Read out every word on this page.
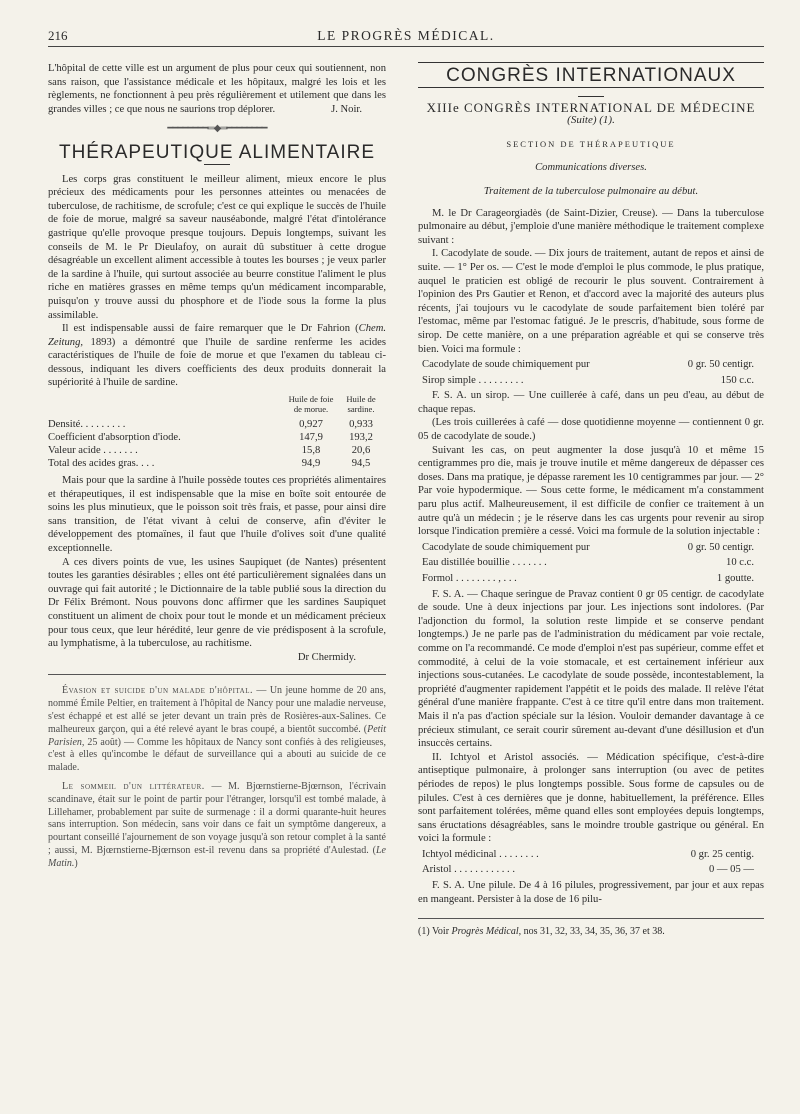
216	LE PROGRÈS MÉDICAL.

L'hôpital de cette ville est un argument de plus pour ceux qui soutiennent, non sans raison, que l'assistance médicale et les hôpitaux, malgré les lois et les règlements, ne fonctionnent à peu près régulièrement et utilement que dans les grandes villes ; ce que nous ne saurions trop déplorer.	J. Noir.

━━━━━━━━═◆═━━━━━━━━
THÉRAPEUTIQUE ALIMENTAIRE

Les corps gras constituent le meilleur aliment, mieux encore le plus précieux des médicaments pour les personnes atteintes ou menacées de tuberculose, de rachitisme, de scrofule; c'est ce qui explique le succès de l'huile de foie de morue, malgré sa saveur nauséabonde, malgré l'état d'intolérance gastrique qu'elle provoque presque toujours. Depuis longtemps, suivant les conseils de M. le Pr Dieulafoy, on aurait dû substituer à cette drogue désagréable un excellent aliment accessible à toutes les bourses ; je veux parler de la sardine à l'huile, qui surtout associée au beurre constitue l'aliment le plus riche en matières grasses en même temps qu'un médicament incomparable, puisqu'on y trouve aussi du phosphore et de l'iode sous la forme la plus assimilable.

Il est indispensable aussi de faire remarquer que le Dr Fahrion (Chem. Zeitung, 1893) a démontré que l'huile de sardine renferme les acides caractéristiques de l'huile de foie de morue et que l'examen du tableau ci-dessous, indiquant les divers coefficients des deux produits donnerait la supériorité à l'huile de sardine.

	Huile de foie de morue.	Huile de sardine.
Densité. . . . . . . . .	0,927	0,933
Coefficient d'absorption d'iode.	147,9	193,2
Valeur acide . . . . . . .	15,8	20,6
Total des acides gras. . . .	94,9	94,5

Mais pour que la sardine à l'huile possède toutes ces propriétés alimentaires et thérapeutiques, il est indispensable que la mise en boîte soit entourée de soins les plus minutieux, que le poisson soit très frais, et passe, pour ainsi dire sans transition, de l'état vivant à celui de conserve, afin d'éviter le développement des ptomaïnes, il faut que l'huile d'olives soit d'une qualité exceptionnelle.

A ces divers points de vue, les usines Saupiquet (de Nantes) présentent toutes les garanties désirables ; elles ont été particulièrement signalées dans un ouvrage qui fait autorité ; le Dictionnaire de la table publié sous la direction du Dr Félix Brémont. Nous pouvons donc affirmer que les sardines Saupiquet constituent un aliment de choix pour tout le monde et un médicament précieux pour tous ceux, que leur hérédité, leur genre de vie prédisposent à la scrofule, au lymphatisme, à la tuberculose, au rachitisme.

Dr Chermidy.

Évasion et suicide d'un malade d'hôpital. — Un jeune homme de 20 ans, nommé Émile Peltier, en traitement à l'hôpital de Nancy pour une maladie nerveuse, s'est échappé et est allé se jeter devant un train près de Rosières-aux-Salines. Ce malheureux garçon, qui a été relevé ayant le bras coupé, a bientôt succombé. (Petit Parisien, 25 août) — Comme les hôpitaux de Nancy sont confiés à des religieuses, c'est à elles qu'incombe le défaut de surveillance qui a abouti au suicide de ce malade.

Le sommeil d'un littérateur. — M. Bjœrnstierne-Bjœrnson, l'écrivain scandinave, était sur le point de partir pour l'étranger, lorsqu'il est tombé malade, à Lillehamer, probablement par suite de surmenage : il a dormi quarante-huit heures sans interruption. Son médecin, sans voir dans ce fait un symptôme dangereux, a pourtant conseillé l'ajournement de son voyage jusqu'à son retour complet à la santé ; aussi, M. Bjœrnstierne-Bjœrnson est-il revenu dans sa propriété d'Aulestad. (Le Matin.)

CONGRÈS INTERNATIONAUX
XIIIe CONGRÈS INTERNATIONAL DE MÉDECINE
(Suite) (1).
SECTION DE THÉRAPEUTIQUE
Communications diverses.
Traitement de la tuberculose pulmonaire au début.

M. le Dr Carageorgiadès (de Saint-Dizier, Creuse). — Dans la tuberculose pulmonaire au début, j'emploie d'une manière méthodique le traitement complexe suivant :

I. Cacodylate de soude. — Dix jours de traitement, autant de repos et ainsi de suite. — 1° Per os. — C'est le mode d'emploi le plus commode, le plus pratique, auquel le praticien est obligé de recourir le plus souvent. Contrairement à l'opinion des Prs Gautier et Renon, et d'accord avec la majorité des auteurs plus récents, j'ai toujours vu le cacodylate de soude parfaitement bien toléré par l'estomac, même par l'estomac fatigué. Je le prescris, d'habitude, sous forme de sirop. De cette manière, on a une préparation agréable et qui se conserve très bien. Voici ma formule :

Cacodylate de soude chimiquement pur	0 gr. 50 centigr.
Sirop simple . . . . . . . . .	150 c.c.

F. S. A. un sirop. — Une cuillerée à café, dans un peu d'eau, au début de chaque repas.

(Les trois cuillerées à café — dose quotidienne moyenne — contiennent 0 gr. 05 de cacodylate de soude.)

Suivant les cas, on peut augmenter la dose jusqu'à 10 et même 15 centigrammes pro die, mais je trouve inutile et même dangereux de dépasser ces doses. Dans ma pratique, je dépasse rarement les 10 centigrammes par jour. — 2° Par voie hypodermique. — Sous cette forme, le médicament m'a constamment paru plus actif. Malheureusement, il est difficile de confier ce traitement à un autre qu'à un médecin ; je le réserve dans les cas urgents pour revenir au sirop lorsque l'indication première a cessé. Voici ma formule de la solution injectable :

Cacodylate de soude chimiquement pur	0 gr. 50 centigr.
Eau distillée bouillie . . . . . . .	10 c.c.
Formol . . . . . . . . , . . .	1 goutte.

F. S. A. — Chaque seringue de Pravaz contient 0 gr 05 centigr. de cacodylate de soude. Une à deux injections par jour. Les injections sont indolores. (Par l'adjonction du formol, la solution reste limpide et se conserve pendant longtemps.) Je ne parle pas de l'administration du médicament par voie rectale, comme on l'a recommandé. Ce mode d'emploi n'est pas supérieur, comme effet et commodité, à celui de la voie stomacale, et est certainement inférieur aux injections sous-cutanées. Le cacodylate de soude possède, incontestablement, la propriété d'augmenter rapidement l'appétit et le poids des malade. Il relève l'état général d'une manière frappante. C'est à ce titre qu'il entre dans mon traitement. Mais il n'a pas d'action spéciale sur la lésion. Vouloir demander davantage à ce précieux stimulant, ce serait courir sûrement au-devant d'une désillusion et d'un insuccès certains.

II. Ichtyol et Aristol associés. — Médication spécifique, c'est-à-dire antiseptique pulmonaire, à prolonger sans interruption (ou avec de petites périodes de repos) le plus longtemps possible. Sous forme de capsules ou de pilules. C'est à ces dernières que je donne, habituellement, la préférence. Elles sont parfaitement tolérées, même quand elles sont employées depuis longtemps, sans éructations désagréables, sans le moindre trouble gastrique ou général. En voici la formule :

Ichtyol médicinal . . . . . . . .	0 gr. 25 centig.
Aristol . . . . . . . . . . . .	0 — 05 —

F. S. A. Une pilule. De 4 à 16 pilules, progressivement, par jour et aux repas en mangeant. Persister à la dose de 16 pilu-

(1) Voir Progrès Médical, nos 31, 32, 33, 34, 35, 36, 37 et 38.
